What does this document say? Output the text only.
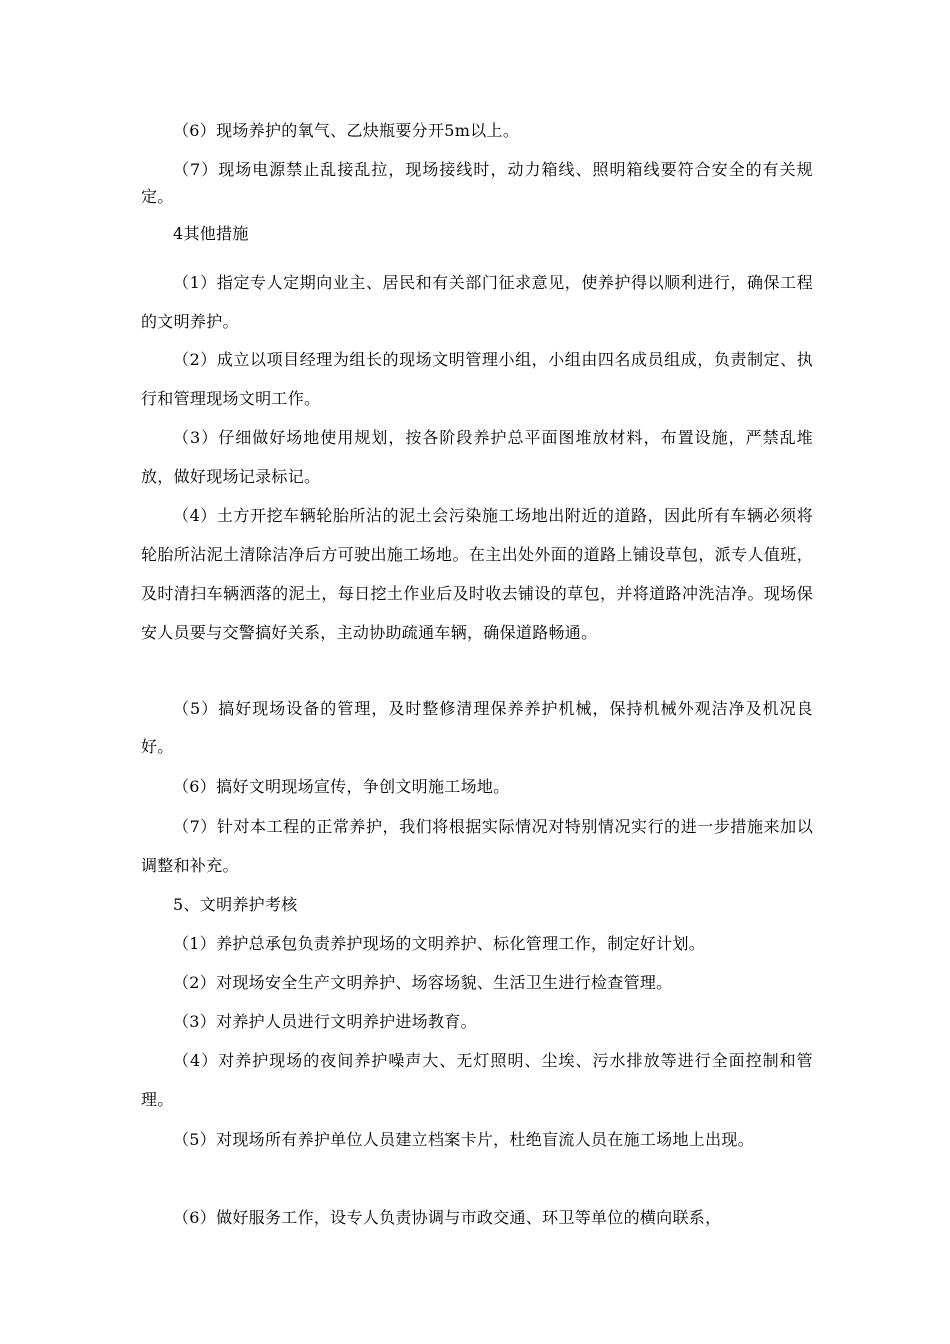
（6）现场养护的氧气、乙炔瓶要分开5m以上。

（7）现场电源禁止乱接乱拉，现场接线时，动力箱线、照明箱线要符合安全的有关规定。

4其他措施

（1）指定专人定期向业主、居民和有关部门征求意见，使养护得以顺利进行，确保工程的文明养护。

（2）成立以项目经理为组长的现场文明管理小组，小组由四名成员组成，负责制定、执行和管理现场文明工作。

（3）仔细做好场地使用规划，按各阶段养护总平面图堆放材料，布置设施，严禁乱堆放，做好现场记录标记。

（4）土方开挖车辆轮胎所沾的泥土会污染施工场地出附近的道路，因此所有车辆必须将轮胎所沾泥土清除洁净后方可驶出施工场地。在主出处外面的道路上铺设草包，派专人值班，及时清扫车辆洒落的泥土，每日挖土作业后及时收去铺设的草包，并将道路冲洗洁净。现场保安人员要与交警搞好关系，主动协助疏通车辆，确保道路畅通。

（5）搞好现场设备的管理，及时整修清理保养养护机械，保持机械外观洁净及机况良好。

（6）搞好文明现场宣传，争创文明施工场地。

（7）针对本工程的正常养护，我们将根据实际情况对特别情况实行的进一步措施来加以调整和补充。

5、文明养护考核

（1）养护总承包负责养护现场的文明养护、标化管理工作，制定好计划。

（2）对现场安全生产文明养护、场容场貌、生活卫生进行检查管理。

（3）对养护人员进行文明养护进场教育。

（4）对养护现场的夜间养护噪声大、无灯照明、尘埃、污水排放等进行全面控制和管理。

（5）对现场所有养护单位人员建立档案卡片，杜绝盲流人员在施工场地上出现。

（6）做好服务工作，设专人负责协调与市政交通、环卫等单位的横向联系，
